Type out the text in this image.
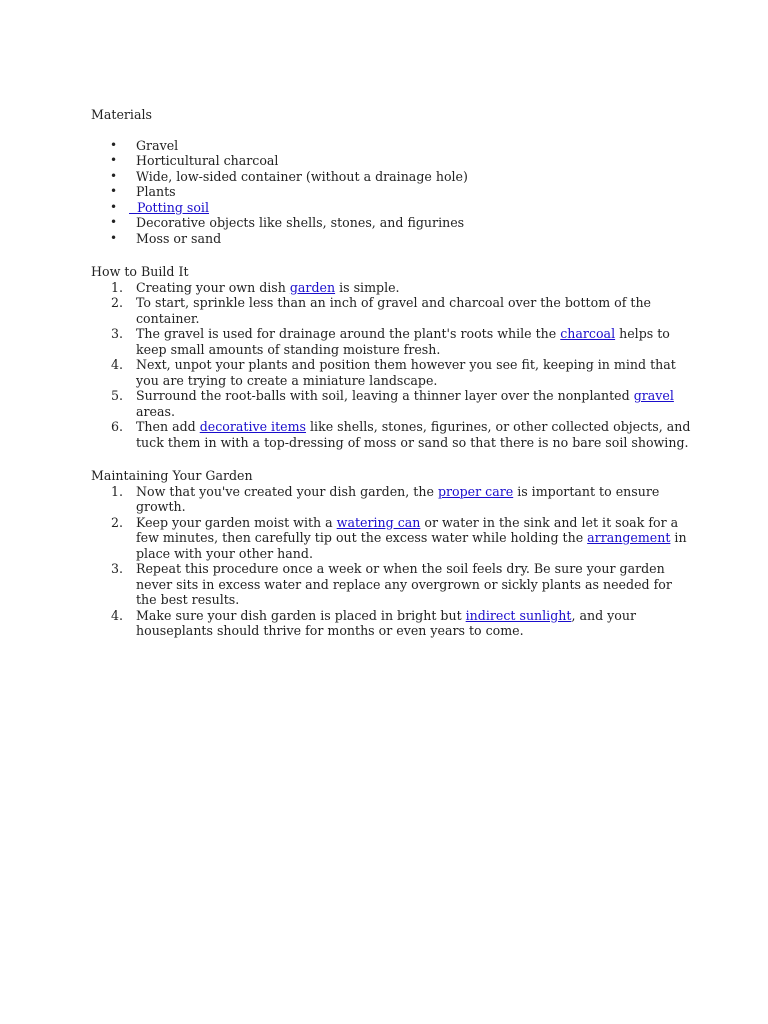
Materials

• Gravel
• Horticultural charcoal
• Wide, low-sided container (without a drainage hole)
• Plants
•   Potting soil
• Decorative objects like shells, stones, and figurines
• Moss or sand

How to Build It

1. Creating your own dish garden is simple.
2. To start, sprinkle less than an inch of gravel and charcoal over the bottom of the container.
3. The gravel is used for drainage around the plant's roots while the charcoal helps to keep small amounts of standing moisture fresh.
4. Next, unpot your plants and position them however you see fit, keeping in mind that you are trying to create a miniature landscape.
5. Surround the root-balls with soil, leaving a thinner layer over the nonplanted gravel areas.
6. Then add decorative items like shells, stones, figurines, or other collected objects, and tuck them in with a top-dressing of moss or sand so that there is no bare soil showing.

Maintaining Your Garden

1. Now that you've created your dish garden, the proper care is important to ensure growth.
2. Keep your garden moist with a watering can or water in the sink and let it soak for a few minutes, then carefully tip out the excess water while holding the arrangement in place with your other hand.
3. Repeat this procedure once a week or when the soil feels dry. Be sure your garden never sits in excess water and replace any overgrown or sickly plants as needed for the best results.
4. Make sure your dish garden is placed in bright but indirect sunlight, and your houseplants should thrive for months or even years to come.
